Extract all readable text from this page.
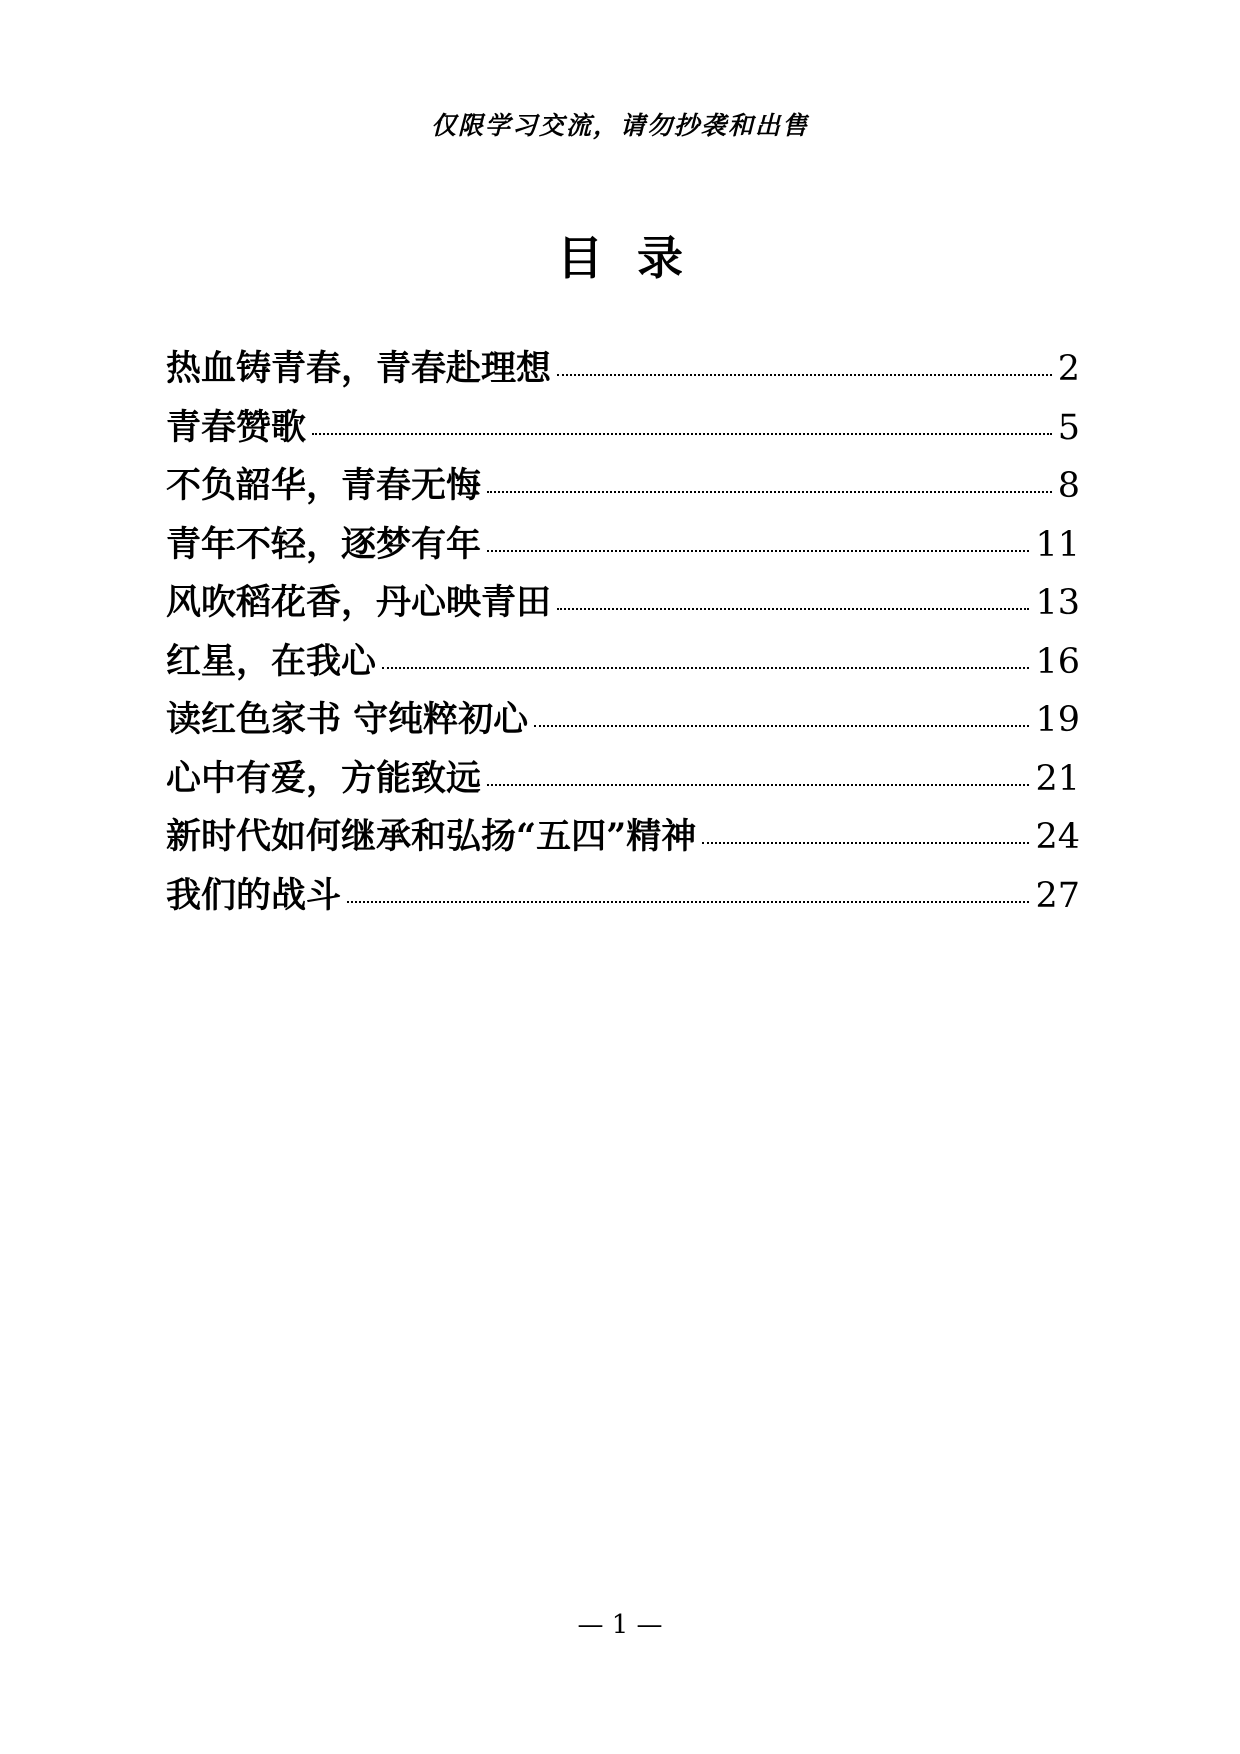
仅限学习交流，请勿抄袭和出售
目录
热血铸青春，青春赴理想	2
青春赞歌	5
不负韶华，青春无悔	8
青年不轻，逐梦有年	11
风吹稻花香，丹心映青田	13
红星，在我心	16
读红色家书 守纯粹初心	19
心中有爱，方能致远	21
新时代如何继承和弘扬“五四”精神	24
我们的战斗	27
— 1 —
